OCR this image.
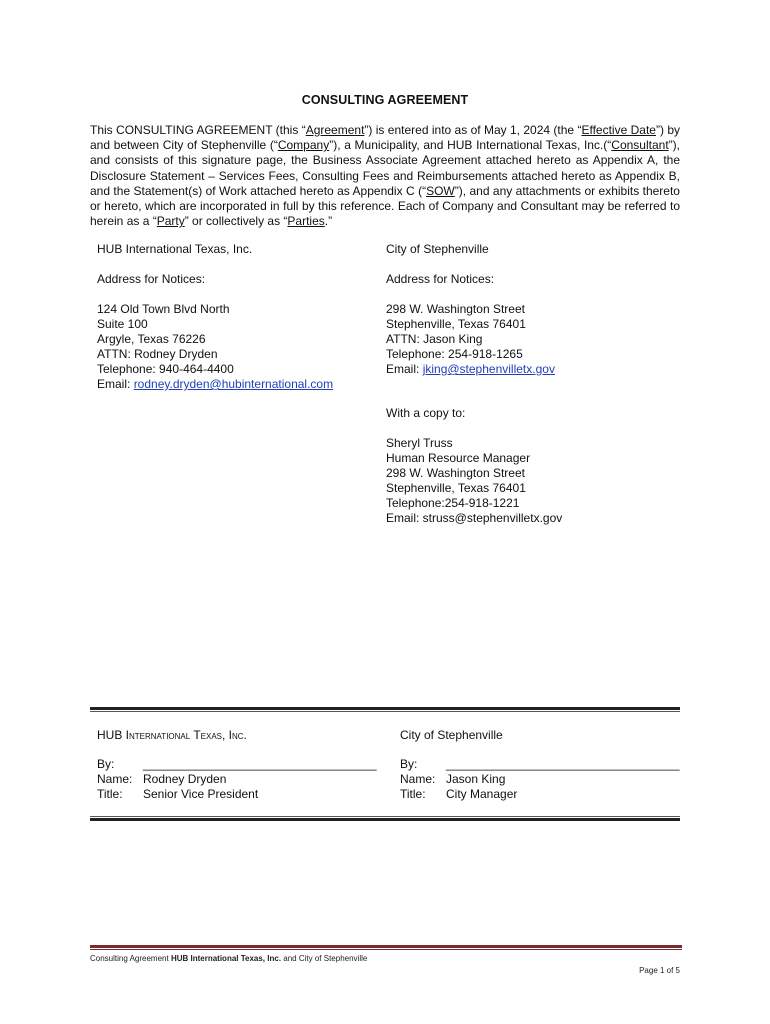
CONSULTING AGREEMENT
This CONSULTING AGREEMENT (this “Agreement”) is entered into as of May 1, 2024 (the “Effective Date”) by and between City of Stephenville (“Company”), a Municipality, and HUB International Texas, Inc.(“Consultant”), and consists of this signature page, the Business Associate Agreement attached hereto as Appendix A, the Disclosure Statement – Services Fees, Consulting Fees and Reimbursements attached hereto as Appendix B, and the Statement(s) of Work attached hereto as Appendix C (“SOW”), and any attachments or exhibits thereto or hereto, which are incorporated in full by this reference. Each of Company and Consultant may be referred to herein as a “Party” or collectively as “Parties.”
HUB International Texas, Inc.
Address for Notices:
124 Old Town Blvd North
Suite 100
Argyle, Texas 76226
ATTN: Rodney Dryden
Telephone: 940-464-4400
Email: rodney.dryden@hubinternational.com
City of Stephenville
Address for Notices:
298 W. Washington Street
Stephenville, Texas 76401
ATTN: Jason King
Telephone: 254-918-1265
Email: jking@stephenvilletx.gov
With a copy to:
Sheryl Truss
Human Resource Manager
298 W. Washington Street
Stephenville, Texas 76401
Telephone:254-918-1221
Email: struss@stephenvilletx.gov
HUB International Texas, Inc.	City of Stephenville
By:	___________________________________
Name: Rodney Dryden
Title:	Senior Vice President
By:	___________________________________
Name: Jason King
Title:	City Manager
Consulting Agreement HUB International Texas, Inc. and City of Stephenville
Page 1 of 5
